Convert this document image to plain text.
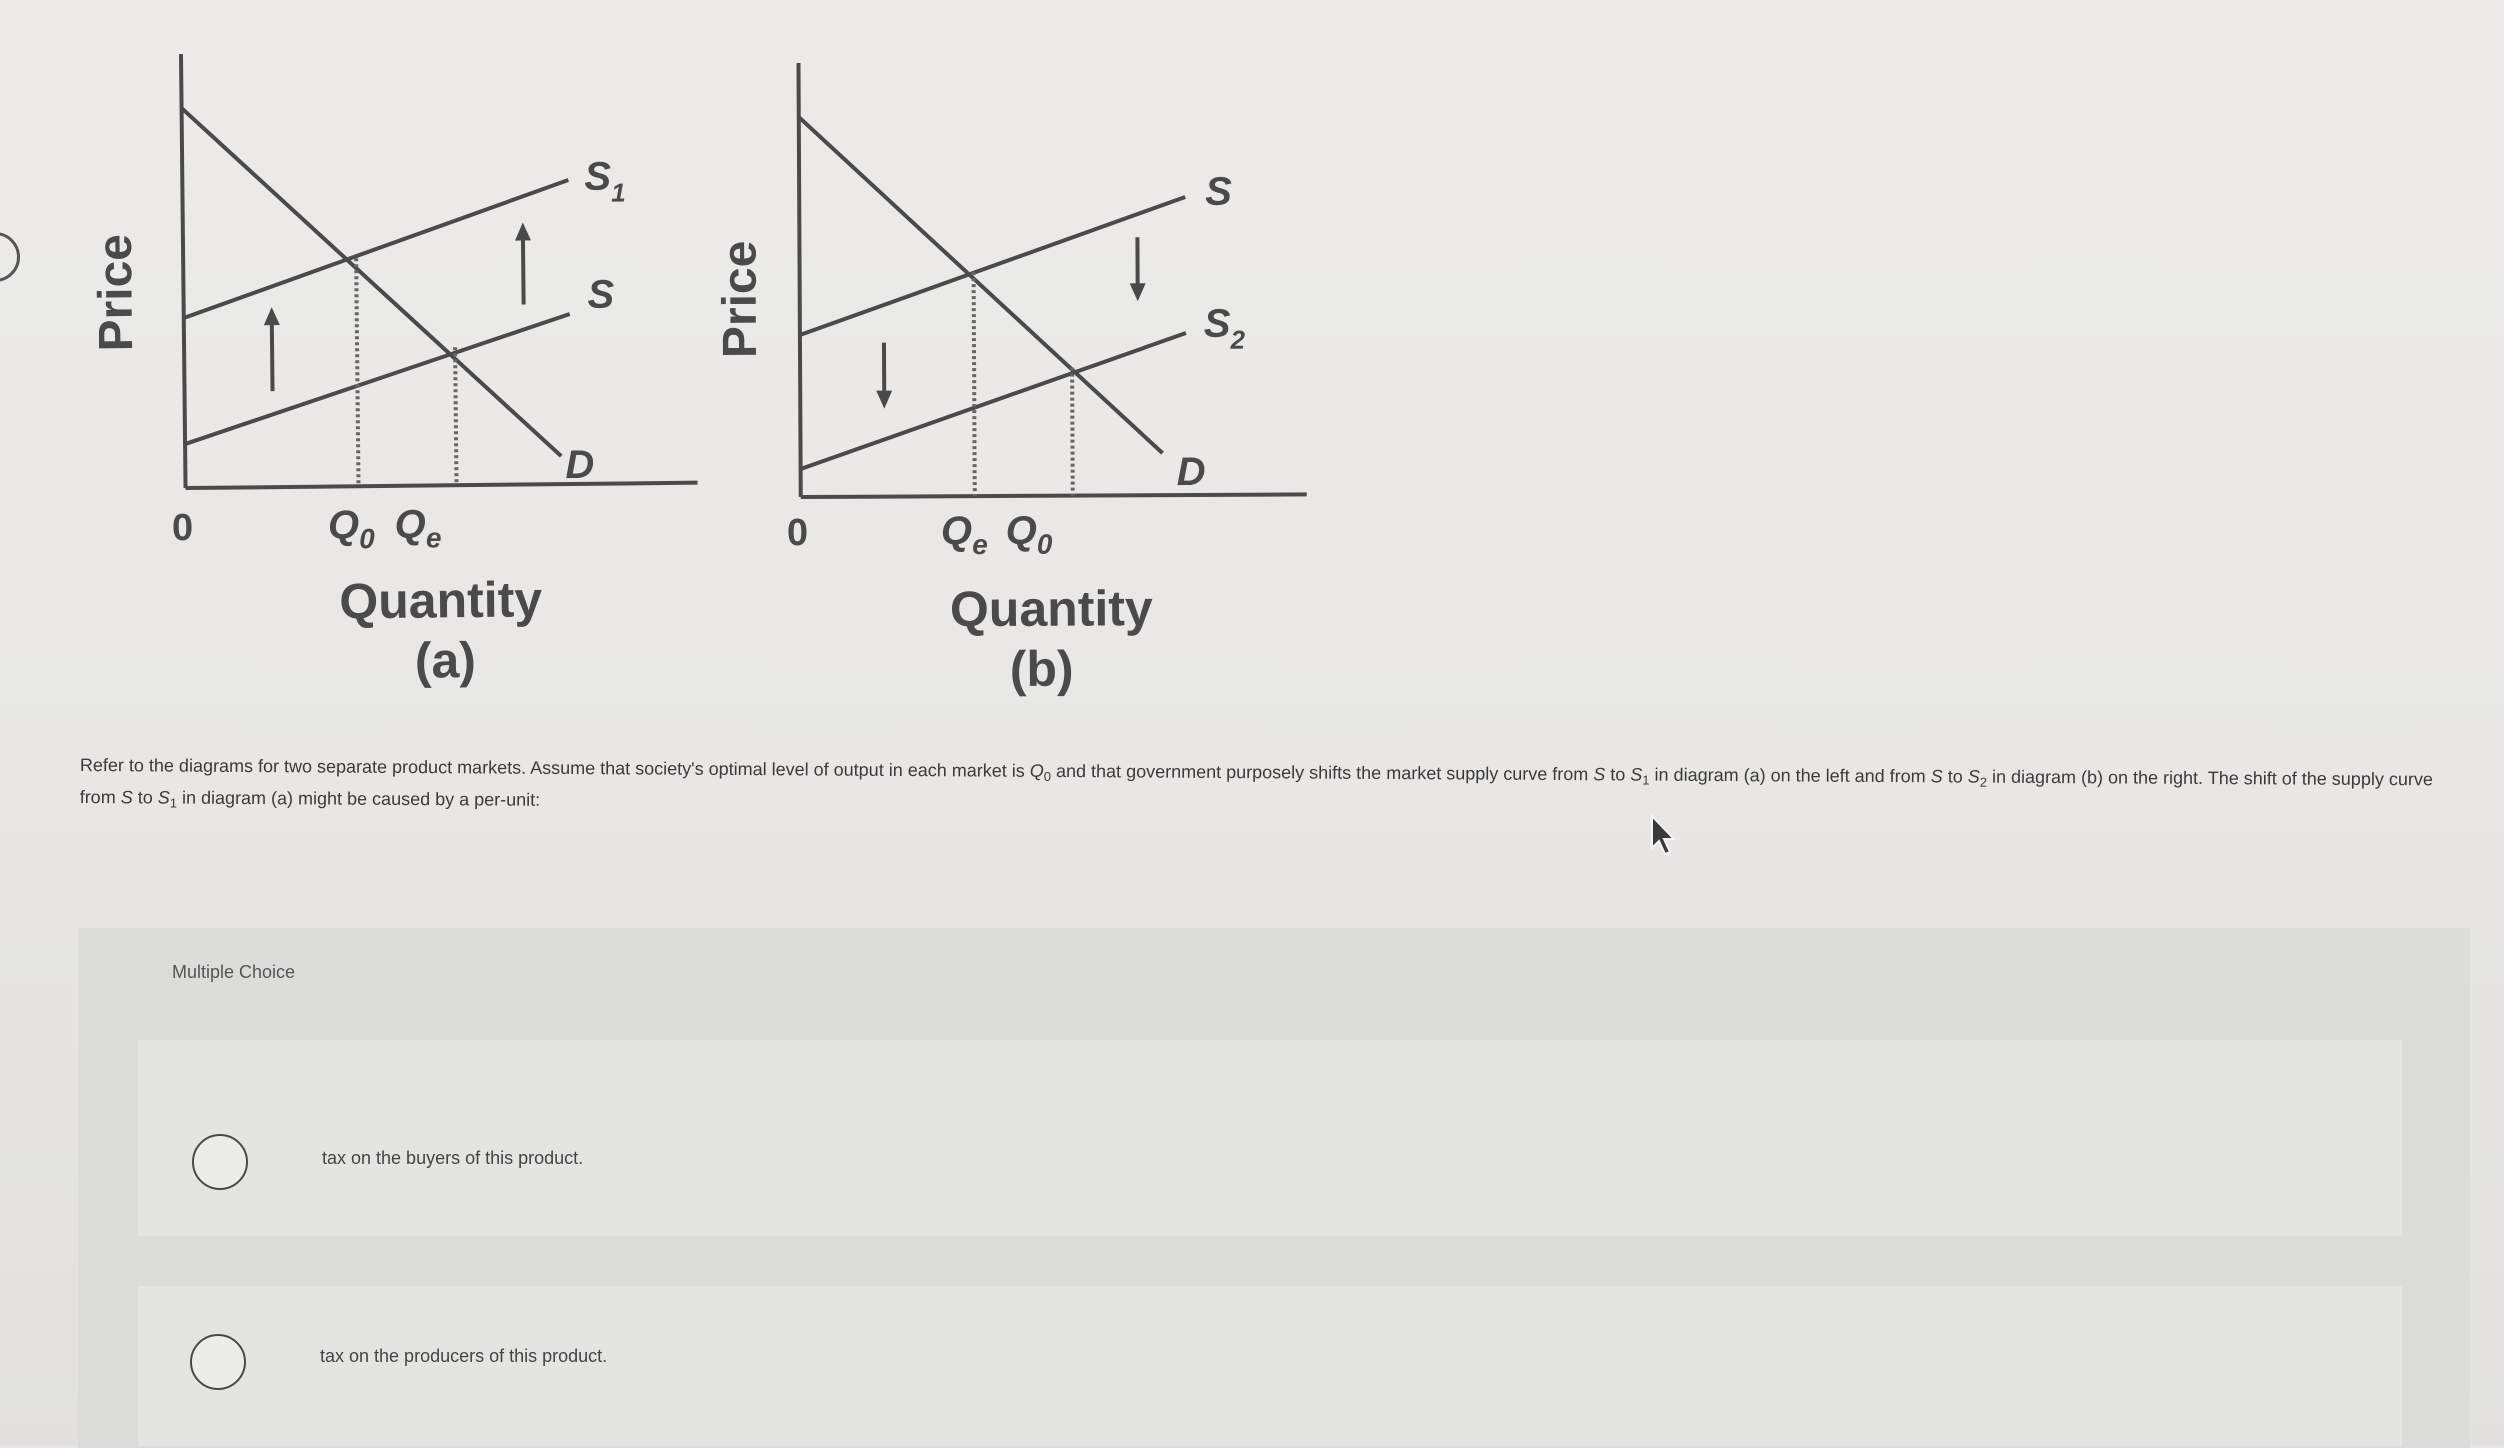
$S_1$
S
D
0	$Q_0$ $Q_e$
Quantity
(a)
Price
S
$S_2$
D
0	$Q_e$ $Q_0$
Quantity
(b)
Price
Refer to the diagrams for two separate product markets. Assume that society's optimal level of output in each market is $Q_0$ and that government purposely shifts the market supply curve from S to $S_1$ in diagram (a) on the left and from S to $S_2$ in diagram (b) on the right. The shift of the supply curve from S to $S_1$ in diagram (a) might be caused by a per-unit:
Multiple Choice
tax on the buyers of this product.
tax on the producers of this product.
